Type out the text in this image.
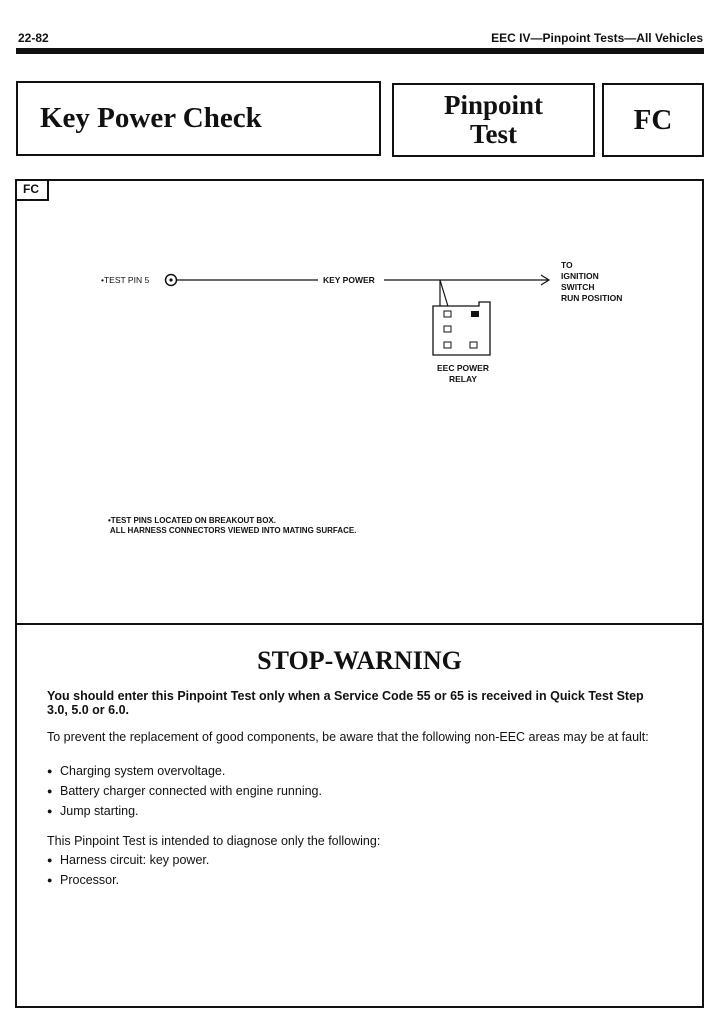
22-82	EEC IV—Pinpoint Tests—All Vehicles
Key Power Check	Pinpoint
Test	FC
FC
•TEST PIN 5	KEY POWER
TO
IGNITION
SWITCH
RUN POSITION
EEC POWER
RELAY
•TEST PINS LOCATED ON BREAKOUT BOX.
ALL HARNESS CONNECTORS VIEWED INTO MATING SURFACE.
STOP-WARNING
You should enter this Pinpoint Test only when a Service Code 55 or 65 is received in Quick Test Step 3.0, 5.0 or 6.0.
To prevent the replacement of good components, be aware that the following non-EEC areas may be at fault:
● Charging system overvoltage.
● Battery charger connected with engine running.
● Jump starting.
This Pinpoint Test is intended to diagnose only the following:
● Harness circuit: key power.
● Processor.
